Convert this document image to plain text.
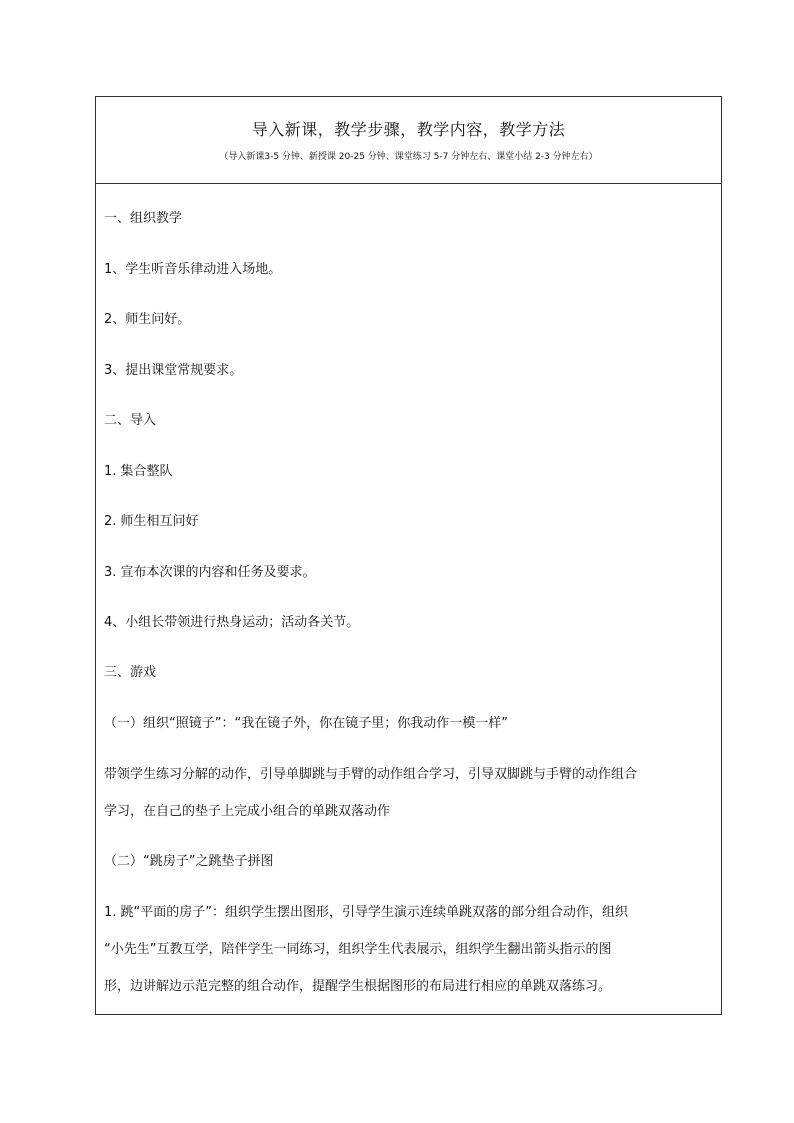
导入新课，教学步骤，教学内容，教学方法
（导入新课3-5 分钟、新授课 20-25 分钟、课堂练习 5-7 分钟左右、课堂小结 2-3 分钟左右）
一、组织教学
1、学生听音乐律动进入场地。
2、师生问好。
3、提出课堂常规要求。
二、导入
1. 集合整队
2. 师生相互问好
3. 宣布本次课的内容和任务及要求。
4、小组长带领进行热身运动；活动各关节。
三、游戏
（一）组织“照镜子”：“我在镜子外，你在镜子里；你我动作一模一样”
带领学生练习分解的动作，引导单脚跳与手臂的动作组合学习，引导双脚跳与手臂的动作组合
学习，在自己的垫子上完成小组合的单跳双落动作
（二）“跳房子”之跳垫子拼图
1. 跳“平面的房子”：组织学生摆出图形，引导学生演示连续单跳双落的部分组合动作，组织
“小先生”互教互学，陪伴学生一同练习，组织学生代表展示，组织学生翻出箭头指示的图
形，边讲解边示范完整的组合动作，提醒学生根据图形的布局进行相应的单跳双落练习。
